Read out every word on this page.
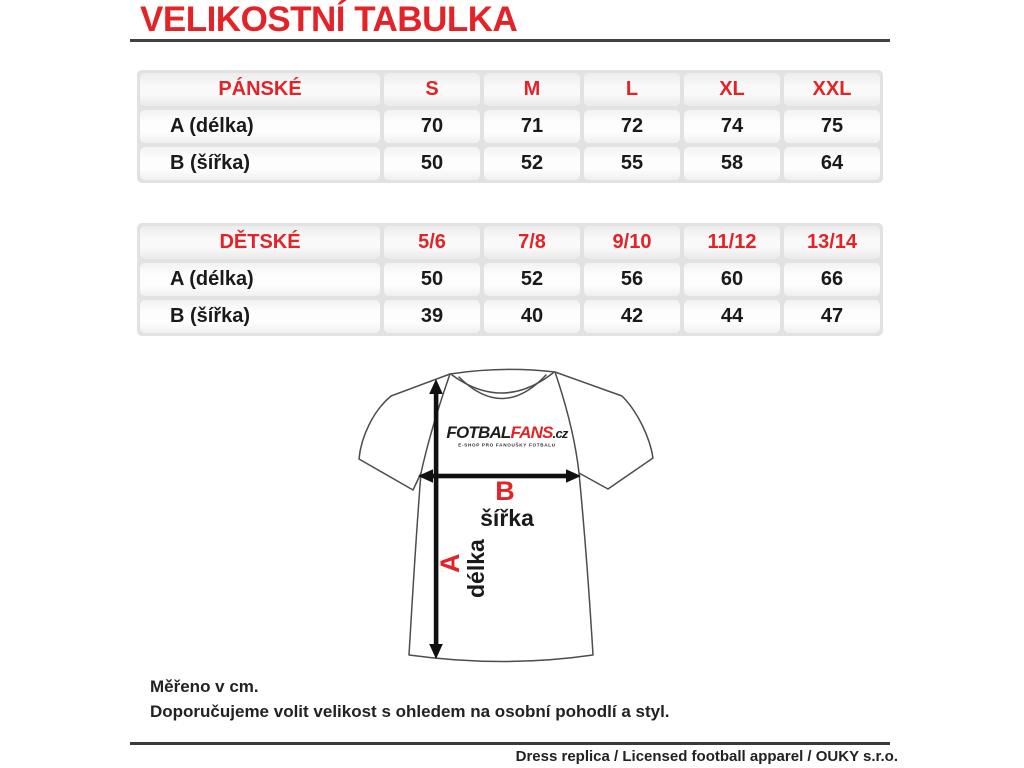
VELIKOSTNÍ TABULKA
PÁNSKÉ	S	M	L	XL	XXL
A (délka)	70	71	72	74	75
B (šířka)	50	52	55	58	64
DĚTSKÉ	5/6	7/8	9/10	11/12	13/14
A (délka)	50	52	56	60	66
B (šířka)	39	40	42	44	47
FOTBALFANS.cz
E-SHOP PRO FANOUŠKY FOTBALU
B
šířka
A
délka
Měřeno v cm.
Doporučujeme volit velikost s ohledem na osobní pohodlí a styl.
Dress replica / Licensed football apparel / OUKY s.r.o.
